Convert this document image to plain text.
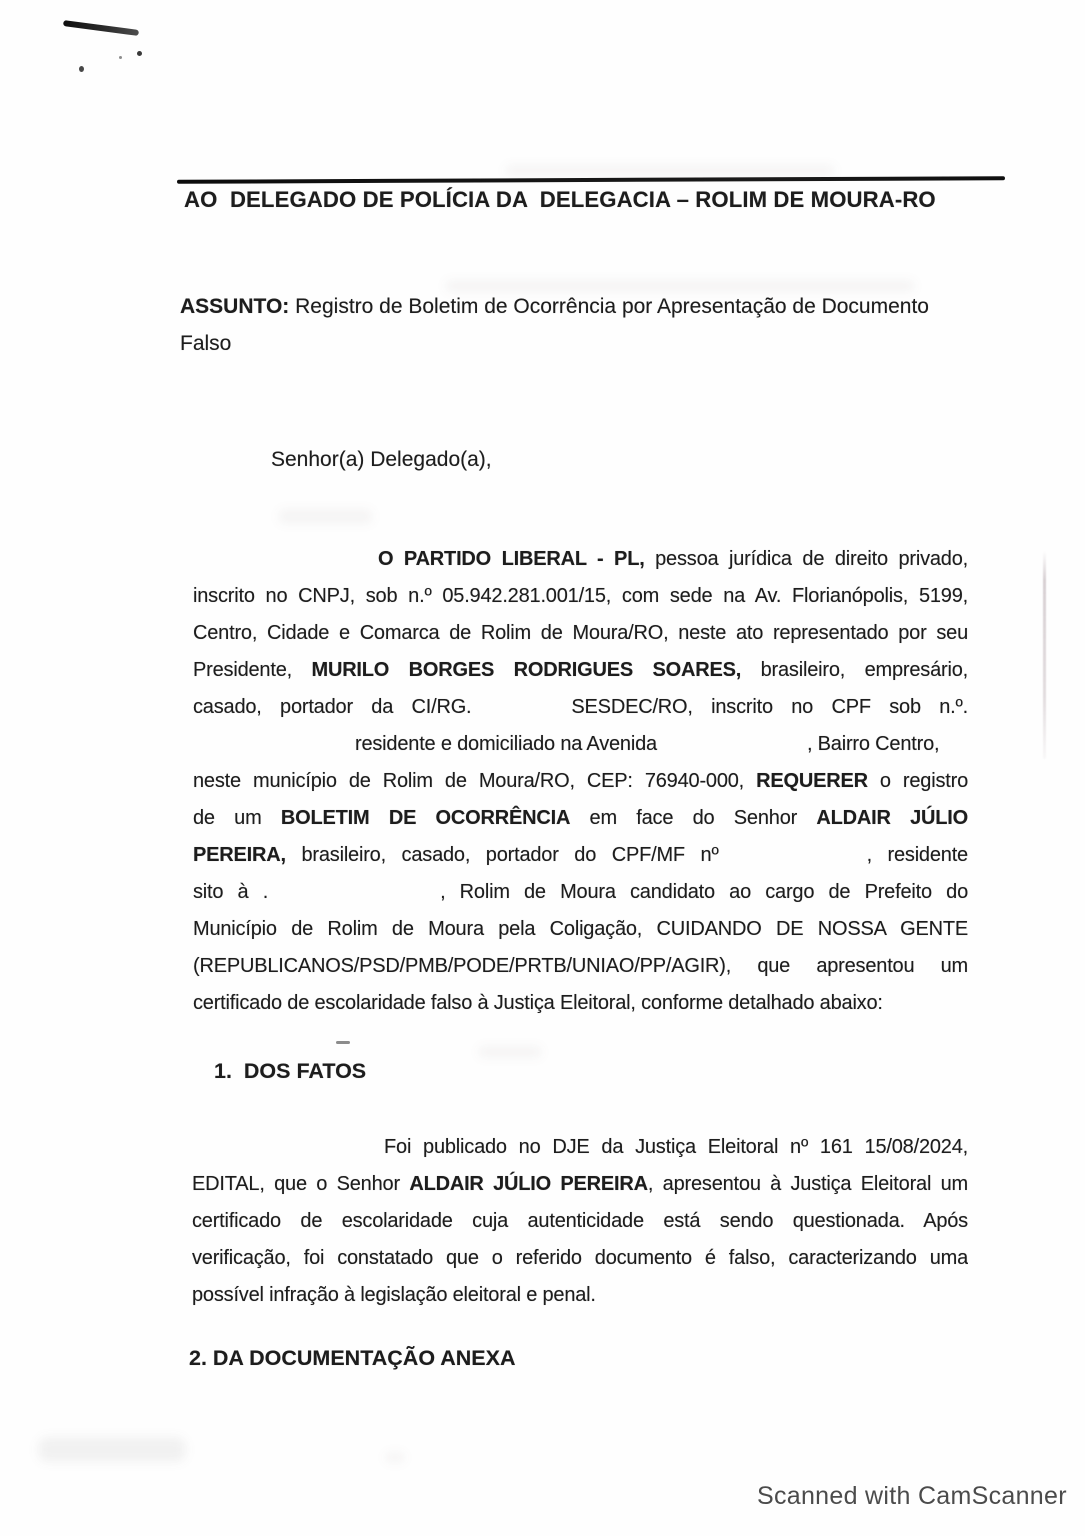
AO  DELEGADO DE POLÍCIA DA  DELEGACIA – ROLIM DE MOURA-RO
ASSUNTO: Registro de Boletim de Ocorrência por Apresentação de Documento
Falso
Senhor(a) Delegado(a),
O PARTIDO LIBERAL - PL, pessoa jurídica de direito privado,
inscrito no CNPJ, sob n.º 05.942.281.001/15, com sede na Av. Florianópolis, 5199,
Centro, Cidade e Comarca de Rolim de Moura/RO, neste ato representado por seu
Presidente, MURILO BORGES RODRIGUES SOARES, brasileiro, empresário,
casado, portador da CI/RG.	SESDEC/RO, inscrito no CPF sob n.º.
residente e domiciliado na Avenida	, Bairro Centro,
neste município de Rolim de Moura/RO, CEP: 76940-000, REQUERER o registro
de um BOLETIM DE OCORRÊNCIA em face do Senhor ALDAIR JÚLIO
PEREIRA, brasileiro, casado, portador do CPF/MF nº	, residente
sito à .	, Rolim de Moura candidato ao cargo de Prefeito do
Município de Rolim de Moura pela Coligação, CUIDANDO DE NOSSA GENTE
(REPUBLICANOS/PSD/PMB/PODE/PRTB/UNIAO/PP/AGIR), que apresentou um
certificado de escolaridade falso à Justiça Eleitoral, conforme detalhado abaixo:
1.  DOS FATOS
Foi publicado no DJE da Justiça Eleitoral nº 161 15/08/2024,
EDITAL, que o Senhor ALDAIR JÚLIO PEREIRA, apresentou à Justiça Eleitoral um
certificado de escolaridade cuja autenticidade está sendo questionada. Após
verificação, foi constatado que o referido documento é falso, caracterizando uma
possível infração à legislação eleitoral e penal.
2. DA DOCUMENTAÇÃO ANEXA
Scanned with CamScanner
